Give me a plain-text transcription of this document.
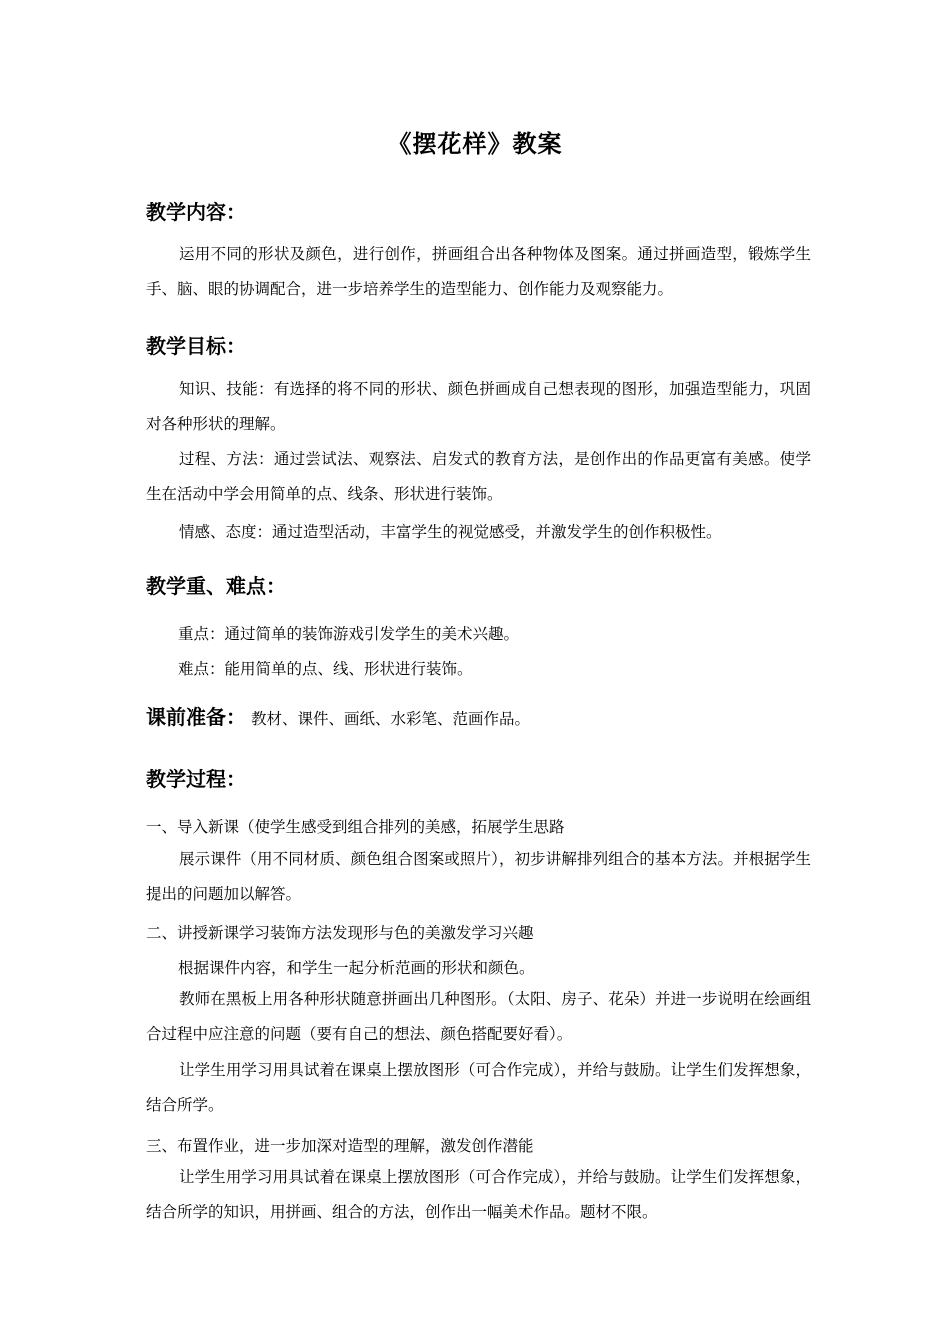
《摆花样》教案
教学内容：
运用不同的形状及颜色，进行创作，拼画组合出各种物体及图案。通过拼画造型，锻炼学生手、脑、眼的协调配合，进一步培养学生的造型能力、创作能力及观察能力。
教学目标：
知识、技能：有选择的将不同的形状、颜色拼画成自己想表现的图形，加强造型能力，巩固对各种形状的理解。
过程、方法：通过尝试法、观察法、启发式的教育方法，是创作出的作品更富有美感。使学生在活动中学会用简单的点、线条、形状进行装饰。
情感、态度：通过造型活动，丰富学生的视觉感受，并激发学生的创作积极性。
教学重、难点：
重点：通过简单的装饰游戏引发学生的美术兴趣。
难点：能用简单的点、线、形状进行装饰。
课前准备： 教材、课件、画纸、水彩笔、范画作品。
教学过程：
一、导入新课（使学生感受到组合排列的美感，拓展学生思路
展示课件（用不同材质、颜色组合图案或照片），初步讲解排列组合的基本方法。并根据学生提出的问题加以解答。
二、讲授新课学习装饰方法发现形与色的美激发学习兴趣
根据课件内容，和学生一起分析范画的形状和颜色。
教师在黑板上用各种形状随意拼画出几种图形。（太阳、房子、花朵）并进一步说明在绘画组合过程中应注意的问题（要有自己的想法、颜色搭配要好看）。
让学生用学习用具试着在课桌上摆放图形（可合作完成），并给与鼓励。让学生们发挥想象，结合所学。
三、布置作业，进一步加深对造型的理解，激发创作潜能
让学生用学习用具试着在课桌上摆放图形（可合作完成），并给与鼓励。让学生们发挥想象，结合所学的知识，用拼画、组合的方法，创作出一幅美术作品。题材不限。
